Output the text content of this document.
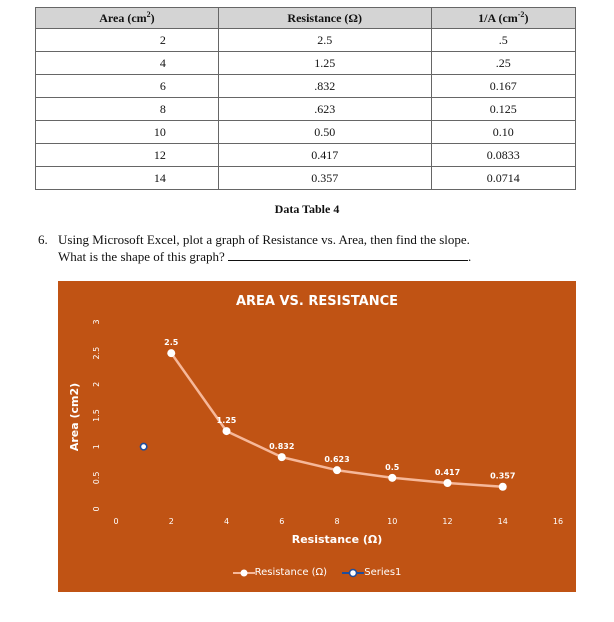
Area $(cm^2)$	Resistance (Ω)	1/A $(cm^{-2})$
2	2.5	.5
4	1.25	.25
6	.832	0.167
8	.623	0.125
10	0.50	0.10
12	0.417	0.0833
14	0.357	0.0714
Data Table 4
6. Using Microsoft Excel, plot a graph of Resistance vs. Area, then find the slope.
What is the shape of this graph?	.
AREA VS. RESISTANCE
0	2	4	6	8	10	12	14	16
0
0.5
1
1.5
2
2.5
3
Resistance (Ω)
Area (cm2)
2.5
1.25
0.832
0.623
0.5
0.417	0.357
Resistance (Ω)
	Series1
